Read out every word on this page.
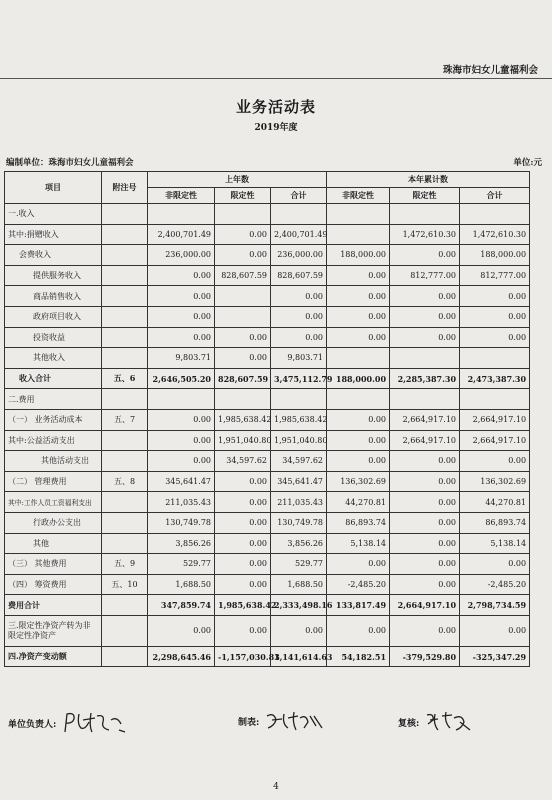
珠海市妇女儿童福利会
业务活动表
2019年度
编制单位：珠海市妇女儿童福利会	单位:元
项目	附注号	上年数			本年累计数		
		非限定性	限定性	合计	非限定性	限定性	合计
一.收入							
其中:捐赠收入		2,400,701.49	0.00	2,400,701.49		1,472,610.30	1,472,610.30
会费收入		236,000.00	0.00	236,000.00	188,000.00	0.00	188,000.00
提供服务收入		0.00	828,607.59	828,607.59	0.00	812,777.00	812,777.00
商品销售收入		0.00		0.00	0.00	0.00	0.00
政府项目收入		0.00		0.00	0.00	0.00	0.00
投资收益		0.00	0.00	0.00	0.00	0.00	0.00
其他收入		9,803.71	0.00	9,803.71			
收入合计	五、6	2,646,505.20	828,607.59	3,475,112.79	188,000.00	2,285,387.30	2,473,387.30
二.费用							
（一） 业务活动成本	五、7	0.00	1,985,638.42	1,985,638.42	0.00	2,664,917.10	2,664,917.10
其中:公益活动支出		0.00	1,951,040.80	1,951,040.80	0.00	2,664,917.10	2,664,917.10
其他活动支出		0.00	34,597.62	34,597.62	0.00	0.00	0.00
（二） 管理费用	五、8	345,641.47	0.00	345,641.47	136,302.69	0.00	136,302.69
其中:工作人员工资福利支出		211,035.43	0.00	211,035.43	44,270.81	0.00	44,270.81
行政办公支出		130,749.78	0.00	130,749.78	86,893.74	0.00	86,893.74
其他		3,856.26	0.00	3,856.26	5,138.14	0.00	5,138.14
（三） 其他费用	五、9	529.77	0.00	529.77	0.00	0.00	0.00
（四） 筹资费用	五、10	1,688.50	0.00	1,688.50	-2,485.20	0.00	-2,485.20
费用合计		347,859.74	1,985,638.42	2,333,498.16	133,817.49	2,664,917.10	2,798,734.59
三.限定性净资产转为非限定性净资产		0.00	0.00	0.00	0.00	0.00	0.00
四.净资产变动额		2,298,645.46	-1,157,030.83	1,141,614.63	54,182.51	-379,529.80	-325,347.29
单位负责人:	制表:	复核:
4
